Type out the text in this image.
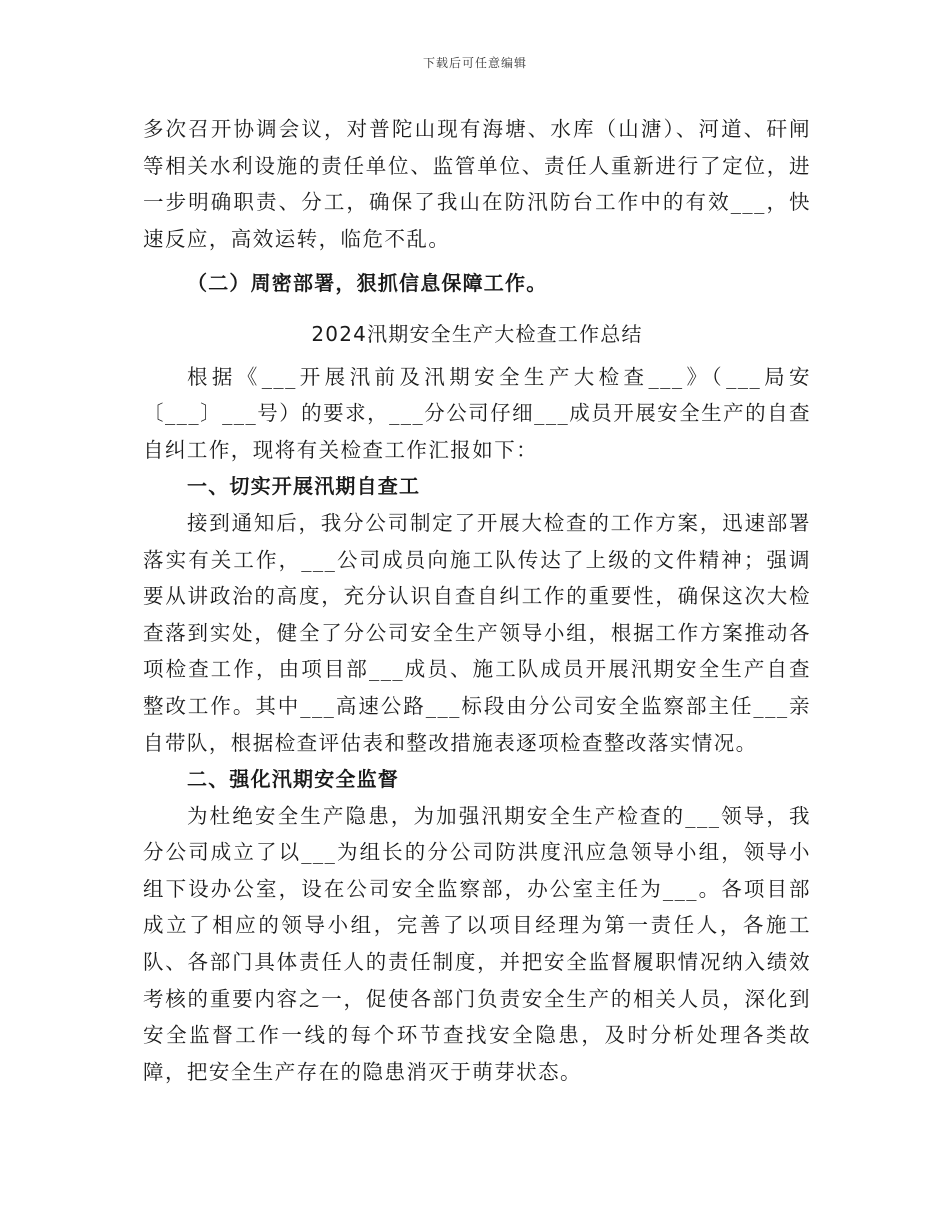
下载后可任意编辑

多次召开协调会议，对普陀山现有海塘、水库（山溏）、河道、矸闸等相关水利设施的责任单位、监管单位、责任人重新进行了定位，进一步明确职责、分工，确保了我山在防汛防台工作中的有效___，快速反应，高效运转，临危不乱。

（二）周密部署，狠抓信息保障工作。

2024汛期安全生产大检查工作总结

根据《___开展汛前及汛期安全生产大检查___》（___局安〔___〕___号）的要求，___分公司仔细___成员开展安全生产的自查自纠工作，现将有关检查工作汇报如下：

一、切实开展汛期自查工

接到通知后，我分公司制定了开展大检查的工作方案，迅速部署落实有关工作，___公司成员向施工队传达了上级的文件精神；强调要从讲政治的高度，充分认识自查自纠工作的重要性，确保这次大检查落到实处，健全了分公司安全生产领导小组，根据工作方案推动各项检查工作，由项目部___成员、施工队成员开展汛期安全生产自查整改工作。其中___高速公路___标段由分公司安全监察部主任___亲自带队，根据检查评估表和整改措施表逐项检查整改落实情况。

二、强化汛期安全监督

为杜绝安全生产隐患，为加强汛期安全生产检查的___领导，我分公司成立了以___为组长的分公司防洪度汛应急领导小组，领导小组下设办公室，设在公司安全监察部，办公室主任为___。各项目部成立了相应的领导小组，完善了以项目经理为第一责任人，各施工队、各部门具体责任人的责任制度，并把安全监督履职情况纳入绩效考核的重要内容之一，促使各部门负责安全生产的相关人员，深化到安全监督工作一线的每个环节查找安全隐患，及时分析处理各类故障，把安全生产存在的隐患消灭于萌芽状态。
